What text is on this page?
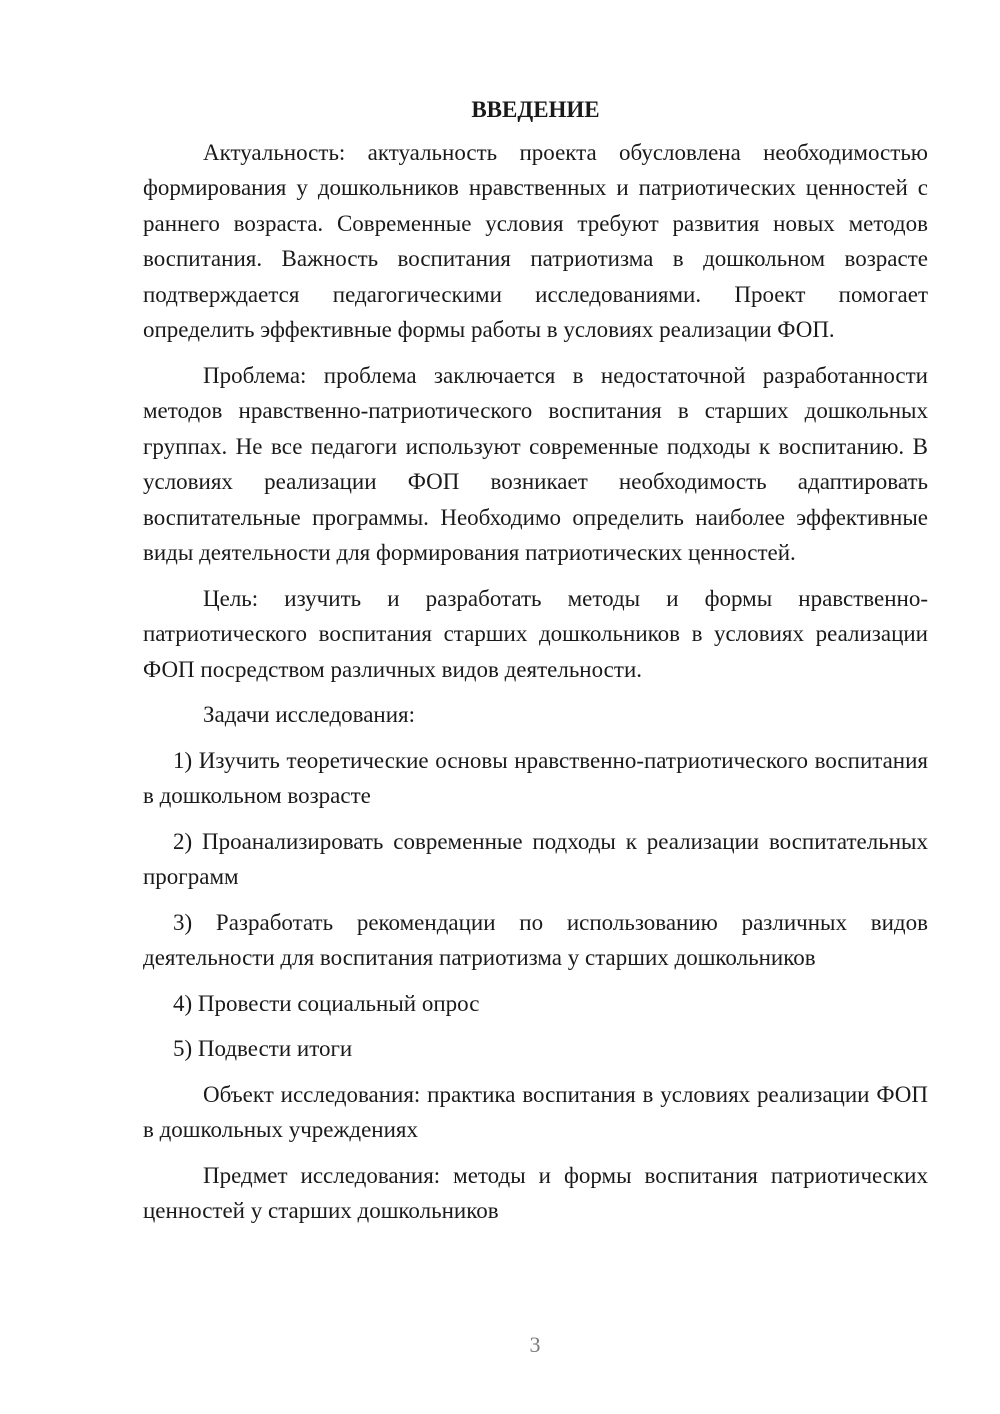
ВВЕДЕНИЕ

Актуальность: актуальность проекта обусловлена необходимостью формирования у дошкольников нравственных и патриотических ценностей с раннего возраста. Современные условия требуют развития новых методов воспитания. Важность воспитания патриотизма в дошкольном возрасте подтверждается педагогическими исследованиями. Проект помогает определить эффективные формы работы в условиях реализации ФОП.

Проблема: проблема заключается в недостаточной разработанности методов нравственно-патриотического воспитания в старших дошкольных группах. Не все педагоги используют современные подходы к воспитанию. В условиях реализации ФОП возникает необходимость адаптировать воспитательные программы. Необходимо определить наиболее эффективные виды деятельности для формирования патриотических ценностей.

Цель: изучить и разработать методы и формы нравственно-патриотического воспитания старших дошкольников в условиях реализации ФОП посредством различных видов деятельности.

Задачи исследования:

1) Изучить теоретические основы нравственно-патриотического воспитания в дошкольном возрасте

2) Проанализировать современные подходы к реализации воспитательных программ

3) Разработать рекомендации по использованию различных видов деятельности для воспитания патриотизма у старших дошкольников

4) Провести социальный опрос

5) Подвести итоги

Объект исследования: практика воспитания в условиях реализации ФОП в дошкольных учреждениях

Предмет исследования: методы и формы воспитания патриотических ценностей у старших дошкольников

3
